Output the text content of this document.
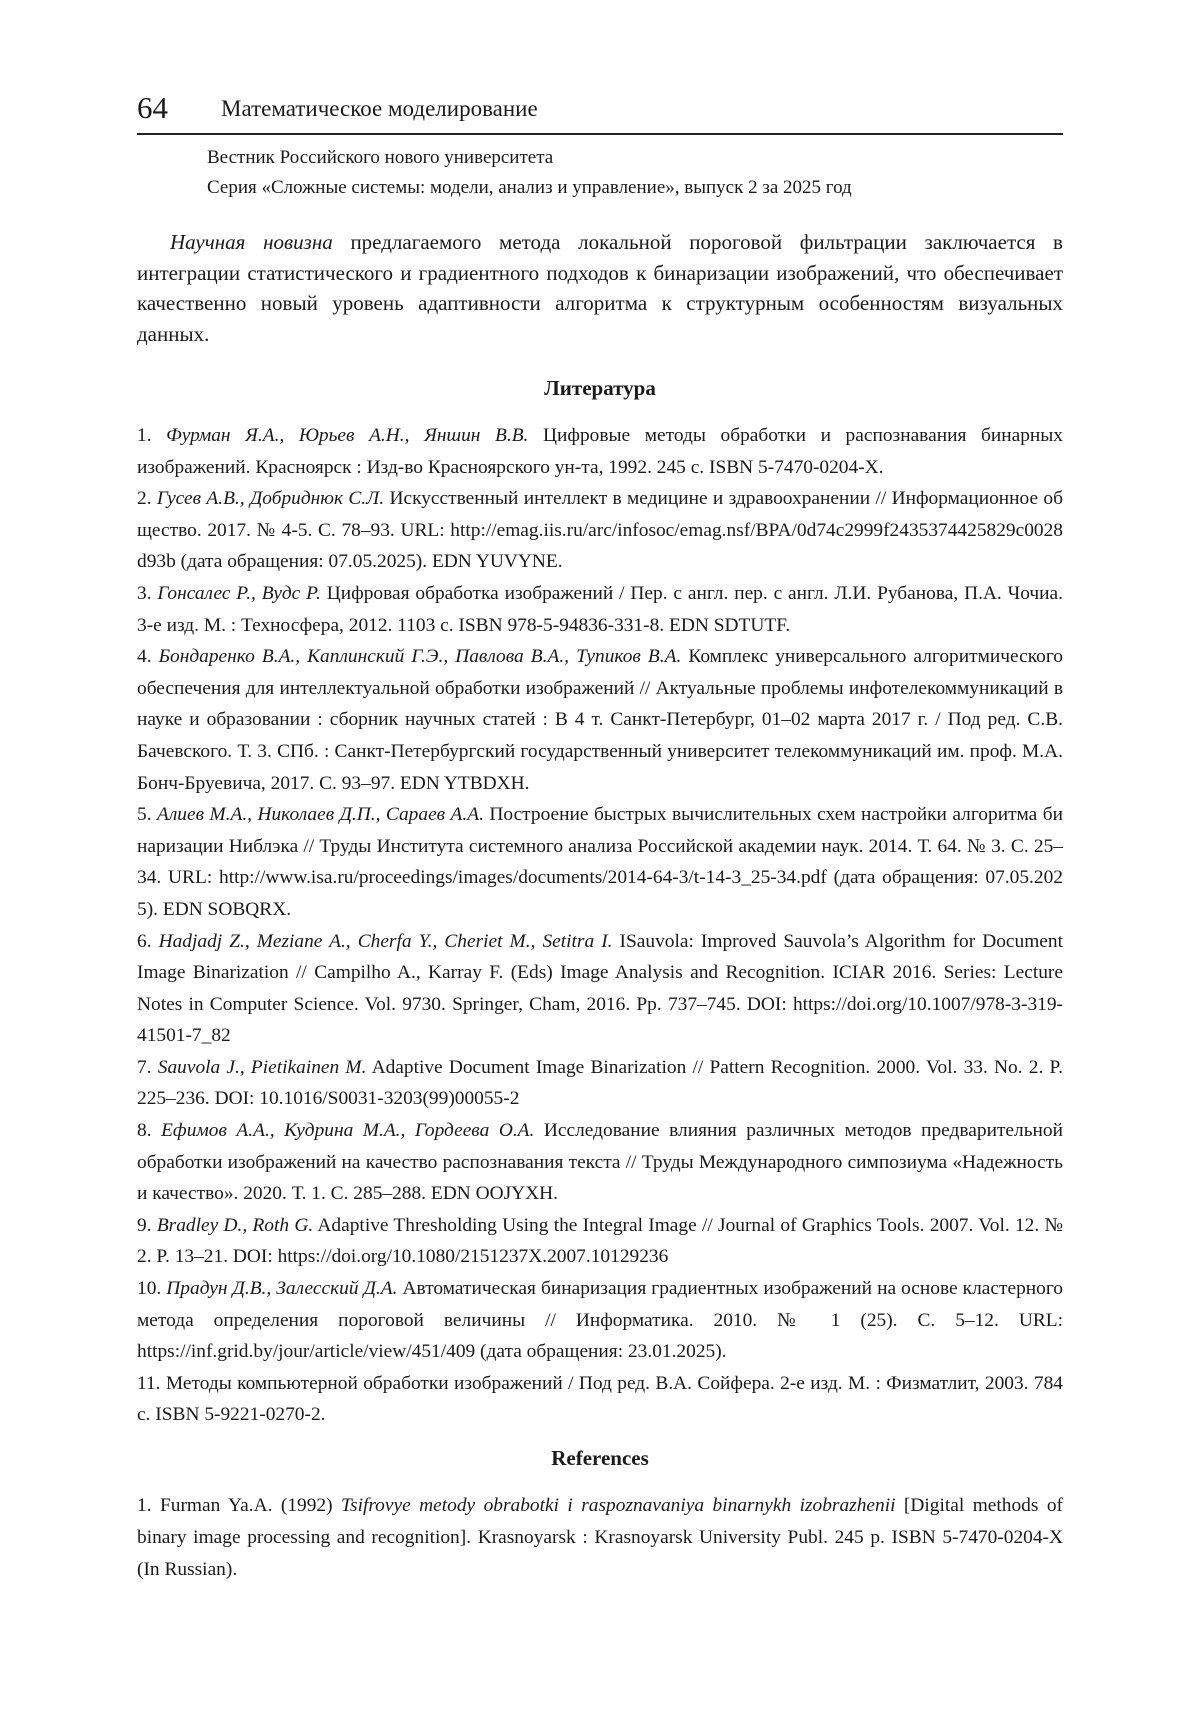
64 Математическое моделирование
Вестник Российского нового университета
Серия «Сложные системы: модели, анализ и управление», выпуск 2 за 2025 год

Научная новизна предлагаемого метода локальной пороговой фильтрации заключается в интеграции статистического и градиентного подходов к бинаризации изображений, что обеспечивает качественно новый уровень адаптивности алгоритма к структурным особенностям визуальных данных.

Литература

1. Фурман Я.А., Юрьев А.Н., Яншин В.В. Цифровые методы обработки и распознавания бинарных изображений. Красноярск : Изд-во Красноярского ун-та, 1992. 245 с. ISBN 5-7470-0204-X.

2. Гусев А.В., Добриднюк С.Л. Искусственный интеллект в медицине и здравоохранении // Информационное общество. 2017. № 4-5. С. 78–93. URL: http://emag.iis.ru/arc/infosoc/emag.nsf/BPA/0d74c2999f2435374425829c0028d93b (дата обращения: 07.05.2025). EDN YUVYNE.

3. Гонсалес Р., Вудс Р. Цифровая обработка изображений / Пер. с англ. пер. с англ. Л.И. Рубанова, П.А. Чочиа. 3-е изд. М. : Техносфера, 2012. 1103 с. ISBN 978-5-94836-331-8. EDN SDTUTF.

4. Бондаренко В.А., Каплинский Г.Э., Павлова В.А., Тупиков В.А. Комплекс универсального алгоритмического обеспечения для интеллектуальной обработки изображений // Актуальные проблемы инфотелекоммуникаций в науке и образовании : сборник научных статей : В 4 т. Санкт-Петербург, 01–02 марта 2017 г. / Под ред. С.В. Бачевского. Т. 3. СПб. : Санкт-Петербургский государственный университет телекоммуникаций им. проф. М.А. Бонч-Бруевича, 2017. С. 93–97. EDN YTBDXH.

5. Алиев М.А., Николаев Д.П., Сараев А.А. Построение быстрых вычислительных схем настройки алгоритма бинаризации Ниблэка // Труды Института системного анализа Российской академии наук. 2014. Т. 64. № 3. С. 25–34. URL: http://www.isa.ru/proceedings/images/documents/2014-64-3/t-14-3_25-34.pdf (дата обращения: 07.05.2025). EDN SOBQRX.

6. Hadjadj Z., Meziane A., Cherfa Y., Cheriet M., Setitra I. ISauvola: Improved Sauvola’s Algorithm for Document Image Binarization // Campilho A., Karray F. (Eds) Image Analysis and Recognition. ICIAR 2016. Series: Lecture Notes in Computer Science. Vol. 9730. Springer, Cham, 2016. Pp. 737–745. DOI: https://doi.org/10.1007/978-3-319-41501-7_82

7. Sauvola J., Pietikainen M. Adaptive Document Image Binarization // Pattern Recognition. 2000. Vol. 33. No. 2. P. 225–236. DOI: 10.1016/S0031-3203(99)00055-2

8. Ефимов А.А., Кудрина М.А., Гордеева О.А. Исследование влияния различных методов предварительной обработки изображений на качество распознавания текста // Труды Международного симпозиума «Надежность и качество». 2020. Т. 1. С. 285–288. EDN OOJYXH.

9. Bradley D., Roth G. Adaptive Thresholding Using the Integral Image // Journal of Graphics Tools. 2007. Vol. 12. № 2. P. 13–21. DOI: https://doi.org/10.1080/2151237X.2007.10129236

10. Прадун Д.В., Залесский Д.А. Автоматическая бинаризация градиентных изображений на основе кластерного метода определения пороговой величины // Информатика. 2010. № 1 (25). С. 5–12. URL: https://inf.grid.by/jour/article/view/451/409 (дата обращения: 23.01.2025).

11. Методы компьютерной обработки изображений / Под ред. В.А. Сойфера. 2-е изд. М. : Физматлит, 2003. 784 с. ISBN 5-9221-0270-2.

References

1. Furman Ya.A. (1992) Tsifrovye metody obrabotki i raspoznavaniya binarnykh izobrazhenii [Digital methods of binary image processing and recognition]. Krasnoyarsk : Krasnoyarsk University Publ. 245 p. ISBN 5-7470-0204-X (In Russian).
